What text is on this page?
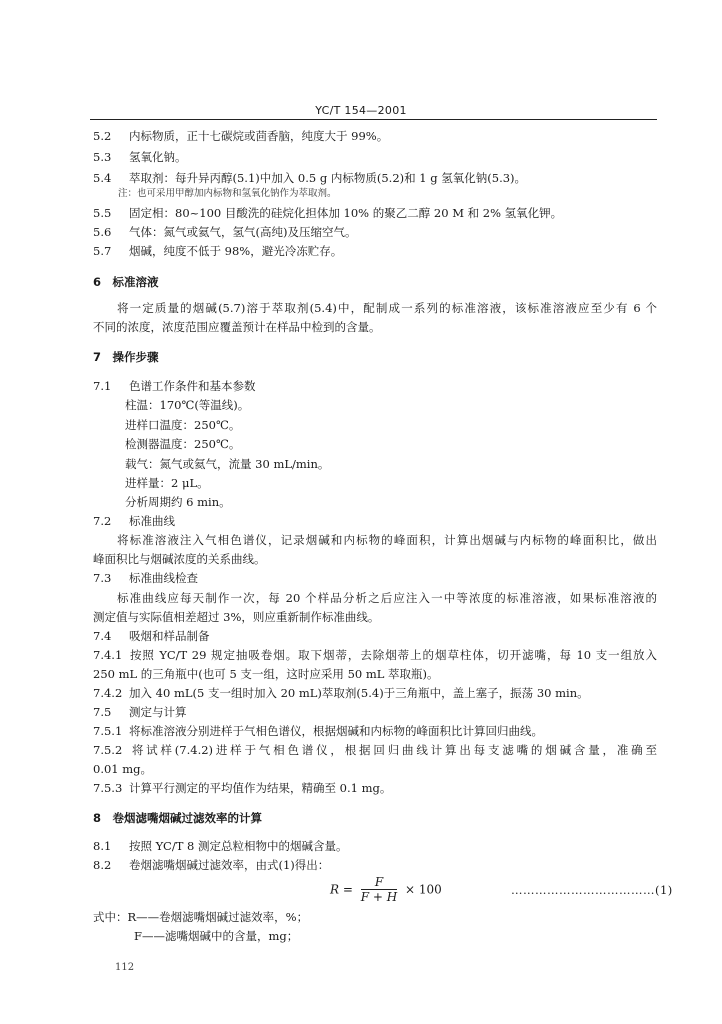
YC/T 154—2001
5.2 内标物质，正十七碳烷或茴香脑，纯度大于 99%。
5.3 氢氧化钠。
5.4 萃取剂：每升异丙醇(5.1)中加入 0.5 g 内标物质(5.2)和 1 g 氢氧化钠(5.3)。
注：也可采用甲醇加内标物和氢氧化钠作为萃取剂。
5.5 固定相：80~100 目酸洗的硅烷化担体加 10% 的聚乙二醇 20 M 和 2% 氢氧化钾。
5.6 气体：氮气或氦气，氢气(高纯)及压缩空气。
5.7 烟碱，纯度不低于 98%，避光冷冻贮存。
6　标准溶液
将一定质量的烟碱(5.7)溶于萃取剂(5.4)中，配制成一系列的标准溶液，该标准溶液应至少有 6 个
不同的浓度，浓度范围应覆盖预计在样品中检到的含量。
7　操作步骤
7.1 色谱工作条件和基本参数
柱温：170℃(等温线)。
进样口温度：250℃。
检测器温度：250℃。
载气：氮气或氦气，流量 30 mL/min。
进样量：2 μL。
分析周期约 6 min。
7.2 标准曲线
将标准溶液注入气相色谱仪，记录烟碱和内标物的峰面积，计算出烟碱与内标物的峰面积比，做出
峰面积比与烟碱浓度的关系曲线。
7.3 标准曲线检查
标准曲线应每天制作一次，每 20 个样品分析之后应注入一中等浓度的标准溶液，如果标准溶液的
测定值与实际值相差超过 3%，则应重新制作标准曲线。
7.4 吸烟和样品制备
7.4.1 按照 YC/T 29 规定抽吸卷烟。取下烟蒂，去除烟蒂上的烟草柱体，切开滤嘴，每 10 支一组放入
250 mL 的三角瓶中(也可 5 支一组，这时应采用 50 mL 萃取瓶)。
7.4.2 加入 40 mL(5 支一组时加入 20 mL)萃取剂(5.4)于三角瓶中，盖上塞子，振荡 30 min。
7.5 测定与计算
7.5.1 将标准溶液分别进样于气相色谱仪，根据烟碱和内标物的峰面积比计算回归曲线。
7.5.2 将试样(7.4.2)进样于气相色谱仪，根据回归曲线计算出每支滤嘴的烟碱含量，准确至
0.01 mg。
7.5.3 计算平行测定的平均值作为结果，精确至 0.1 mg。
8　卷烟滤嘴烟碱过滤效率的计算
8.1 按照 YC/T 8 测定总粒相物中的烟碱含量。
8.2 卷烟滤嘴烟碱过滤效率，由式(1)得出：
$R = \frac{F}{F + H} \times 100$	………………………………(1)
式中：R——卷烟滤嘴烟碱过滤效率，%；
F——滤嘴烟碱中的含量，mg；
112
